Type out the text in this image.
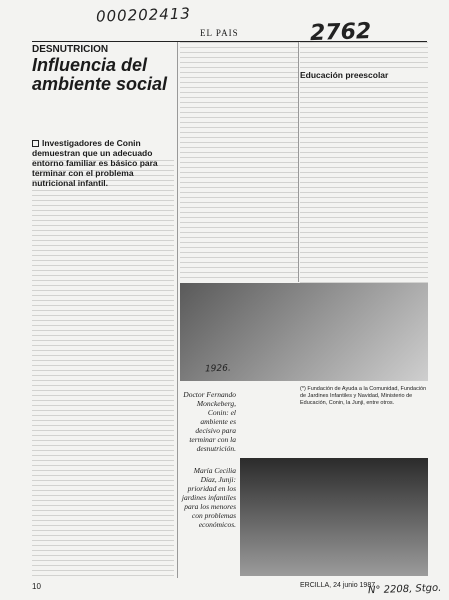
000202413
2762
EL PAIS
DESNUTRICION
Influencia del ambiente social
Investigadores de Conin demuestran que un adecuado entorno familiar es básico para terminar con el problema nutricional infantil.
Educación preescolar
1926.
Doctor Fernando Monckeberg, Conin: el ambiente es decisivo para terminar con la desnutrición.
(*) Fundación de Ayuda a la Comunidad, Fundación de Jardines Infantiles y Navidad, Ministerio de Educación, Conin, la Junji, entre otros.
María Cecilia Díaz, Junji: prioridad en los jardines infantiles para los menores con problemas económicos.
10	ERCILLA, 24 junio 1987
N° 2208, Stgo.
